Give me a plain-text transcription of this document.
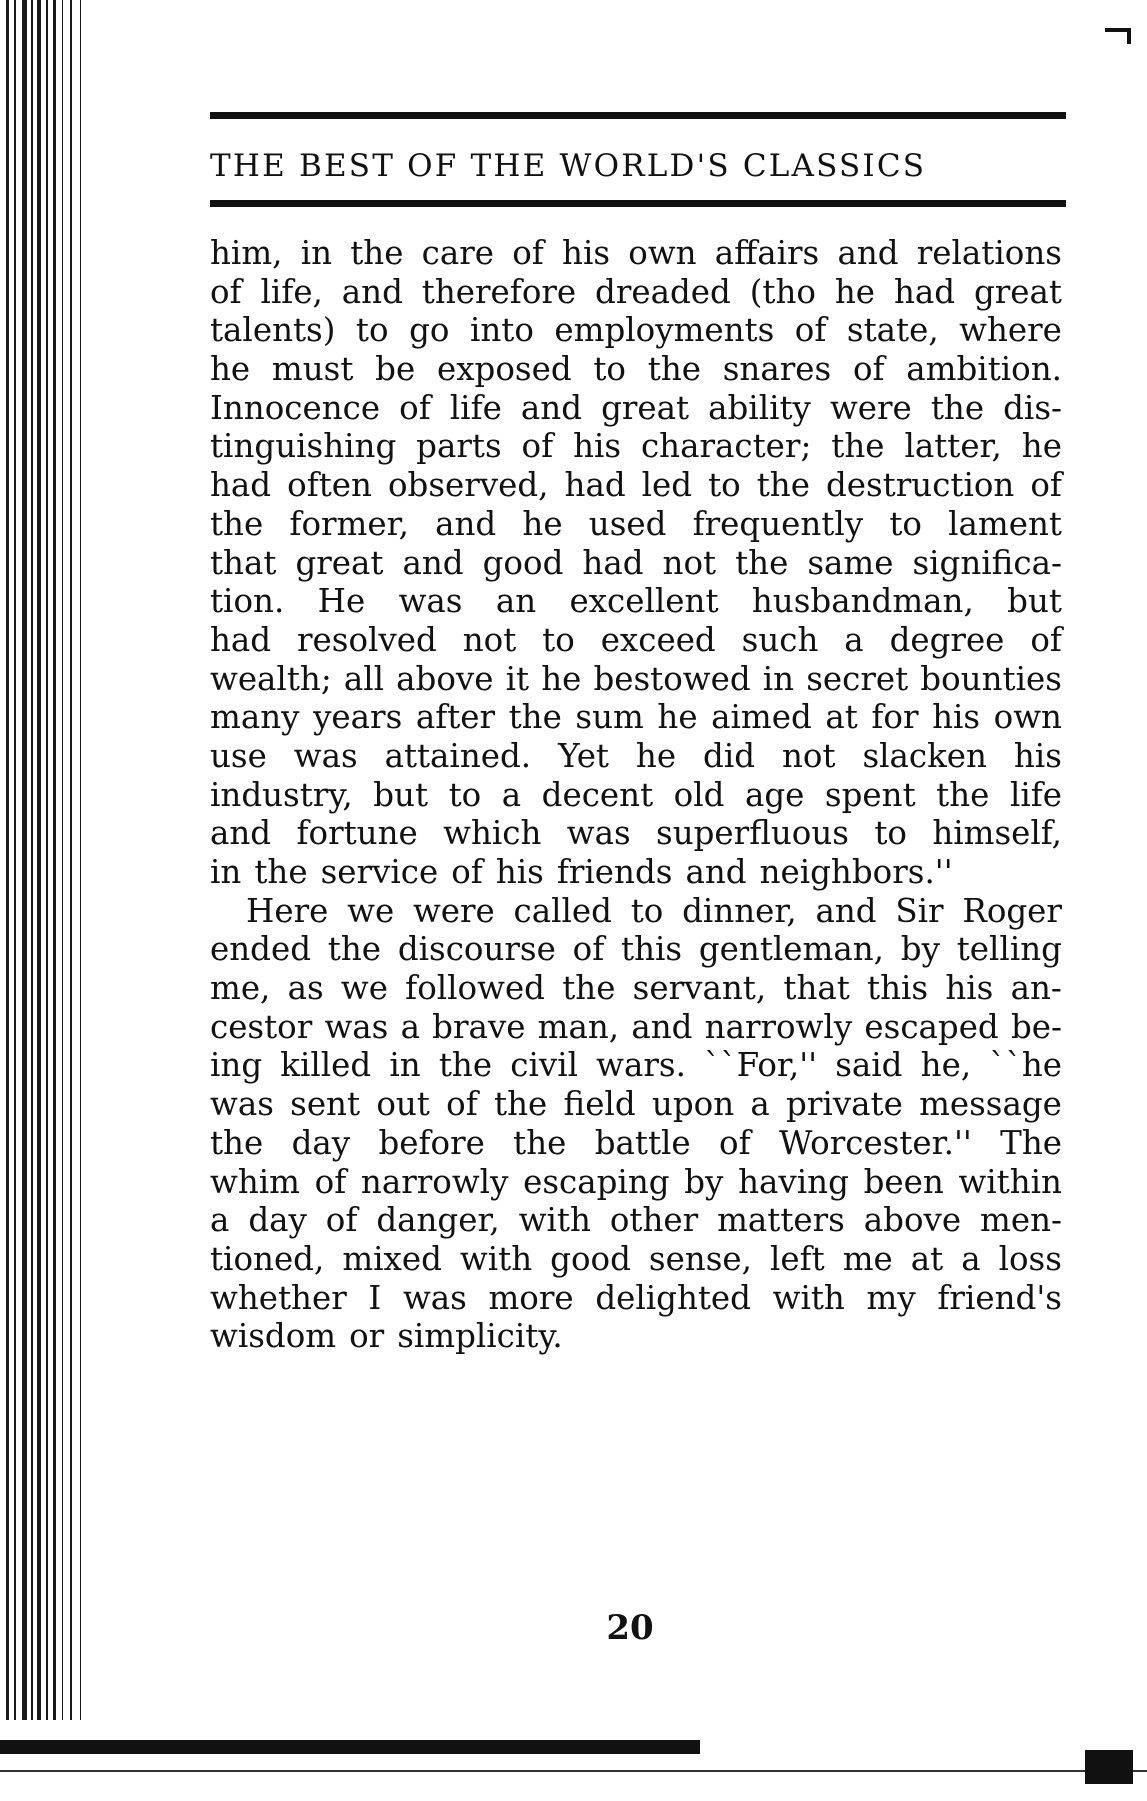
THE BEST OF THE WORLD'S CLASSICS
him, in the care of his own affairs and relations
of life, and therefore dreaded (tho he had great
talents) to go into employments of state, where
he must be exposed to the snares of ambition.
Innocence of life and great ability were the dis-
tinguishing parts of his character; the latter, he
had often observed, had led to the destruction of
the former, and he used frequently to lament
that great and good had not the same significa-
tion. He was an excellent husbandman, but
had resolved not to exceed such a degree of
wealth; all above it he bestowed in secret bounties
many years after the sum he aimed at for his own
use was attained. Yet he did not slacken his
industry, but to a decent old age spent the life
and fortune which was superfluous to himself,
in the service of his friends and neighbors.''
Here we were called to dinner, and Sir Roger
ended the discourse of this gentleman, by telling
me, as we followed the servant, that this his an-
cestor was a brave man, and narrowly escaped be-
ing killed in the civil wars. ``For,'' said he, ``he
was sent out of the field upon a private message
the day before the battle of Worcester.'' The
whim of narrowly escaping by having been within
a day of danger, with other matters above men-
tioned, mixed with good sense, left me at a loss
whether I was more delighted with my friend's
wisdom or simplicity.
20
